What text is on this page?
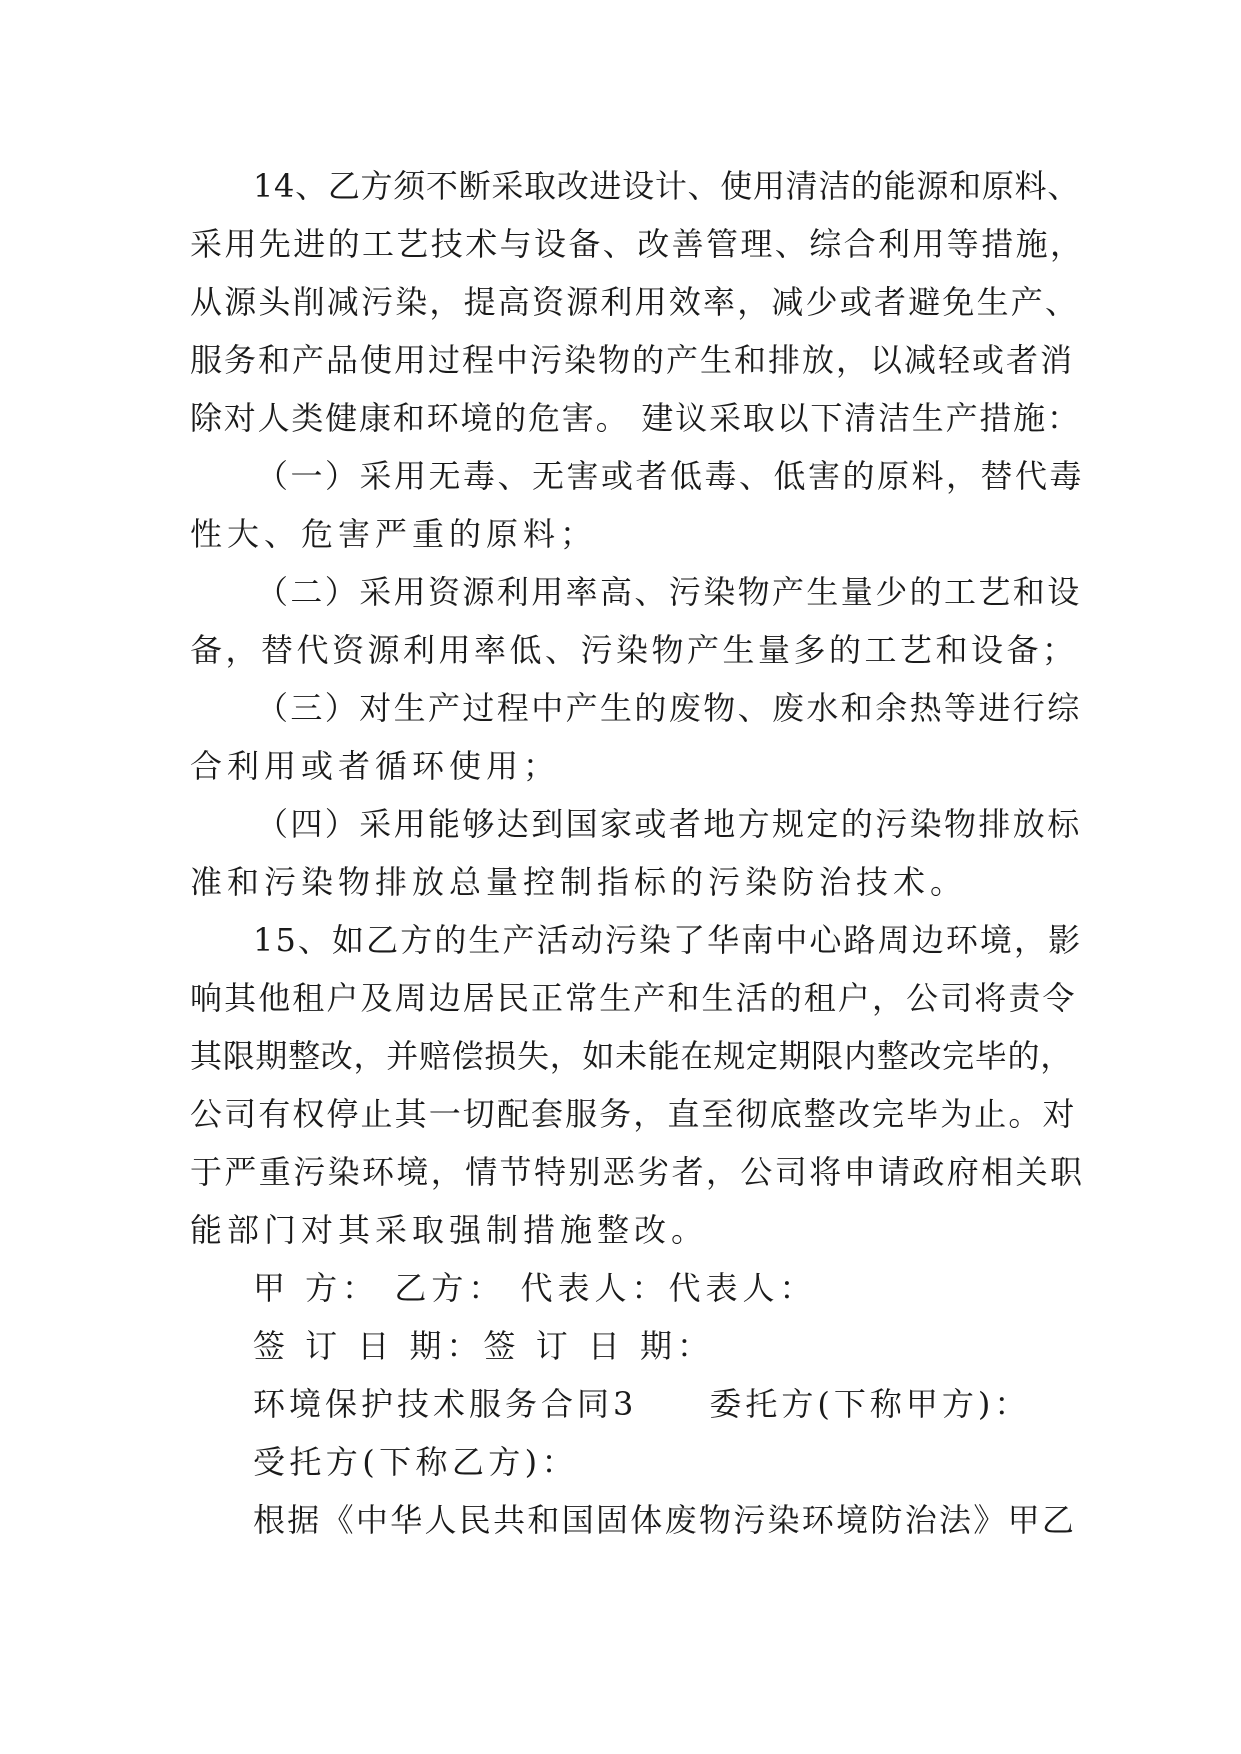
14、乙方须不断采取改进设计、使用清洁的能源和原料、
采用先进的工艺技术与设备、改善管理、综合利用等措施，
从源头削减污染，提高资源利用效率，减少或者避免生产、
服务和产品使用过程中污染物的产生和排放，以减轻或者消
除对人类健康和环境的危害。 建议采取以下清洁生产措施：
（一）采用无毒、无害或者低毒、低害的原料，替代毒
性大、危害严重的原料；
（二）采用资源利用率高、污染物产生量少的工艺和设
备，替代资源利用率低、污染物产生量多的工艺和设备；
（三）对生产过程中产生的废物、废水和余热等进行综
合利用或者循环使用；
（四）采用能够达到国家或者地方规定的污染物排放标
准和污染物排放总量控制指标的污染防治技术。
15、如乙方的生产活动污染了华南中心路周边环境，影
响其他租户及周边居民正常生产和生活的租户，公司将责令
其限期整改，并赔偿损失，如未能在规定期限内整改完毕的，
公司有权停止其一切配套服务，直至彻底整改完毕为止。对
于严重污染环境，情节特别恶劣者，公司将申请政府相关职
能部门对其采取强制措施整改。
甲 方： 乙方： 代表人：代表人：
签 订 日 期：签 订 日 期：
环境保护技术服务合同3　　委托方(下称甲方)：
受托方(下称乙方)：
根据《中华人民共和国固体废物污染环境防治法》甲乙
